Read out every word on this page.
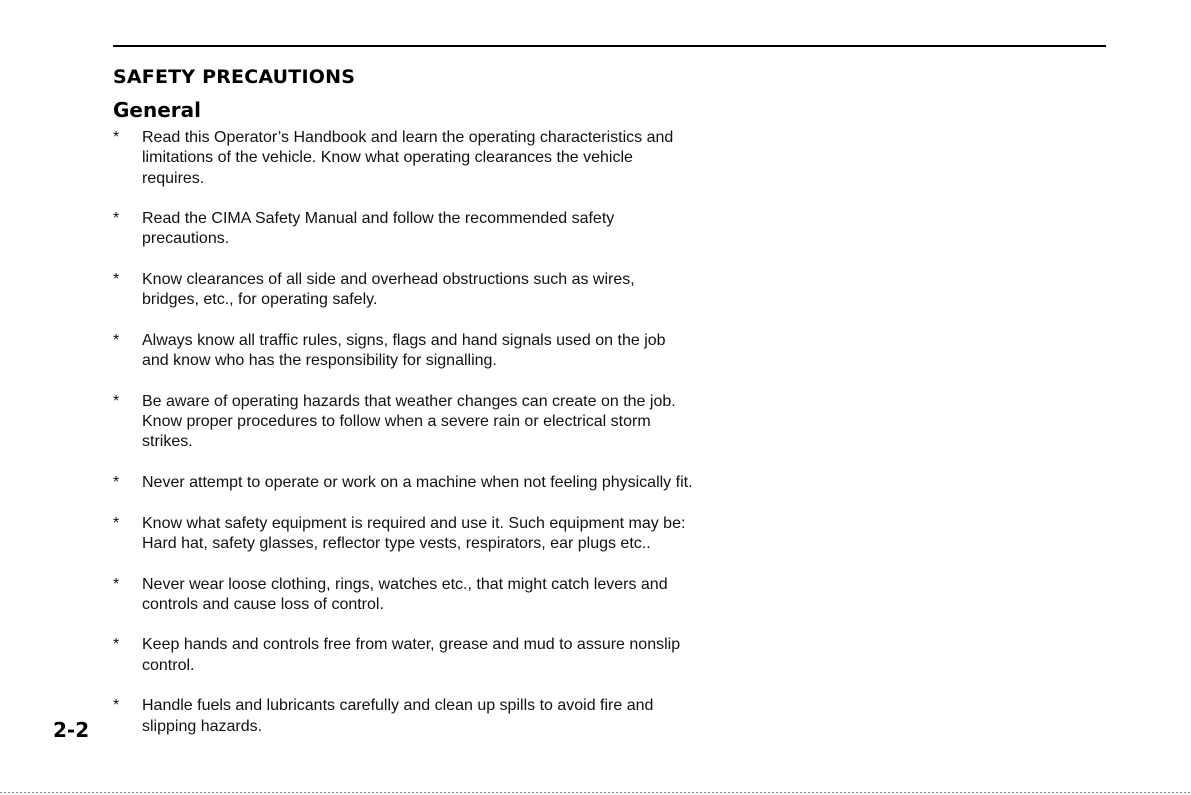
SAFETY PRECAUTIONS
General
*	Read this Operator’s Handbook and learn the operating characteristics and
limitations of the vehicle. Know what operating clearances the vehicle
requires.
*	Read the CIMA Safety Manual and follow the recommended safety
precautions.
*	Know clearances of all side and overhead obstructions such as wires,
bridges, etc., for operating safely.
*	Always know all traffic rules, signs, flags and hand signals used on the job
and know who has the responsibility for signalling.
*	Be aware of operating hazards that weather changes can create on the job.
Know proper procedures to follow when a severe rain or electrical storm
strikes.
*	Never attempt to operate or work on a machine when not feeling physically fit.
*	Know what safety equipment is required and use it. Such equipment may be:
Hard hat, safety glasses, reflector type vests, respirators, ear plugs etc..
*	Never wear loose clothing, rings, watches etc., that might catch levers and
controls and cause loss of control.
*	Keep hands and controls free from water, grease and mud to assure nonslip
control.
*	Handle fuels and lubricants carefully and clean up spills to avoid fire and
slipping hazards.
2-2
